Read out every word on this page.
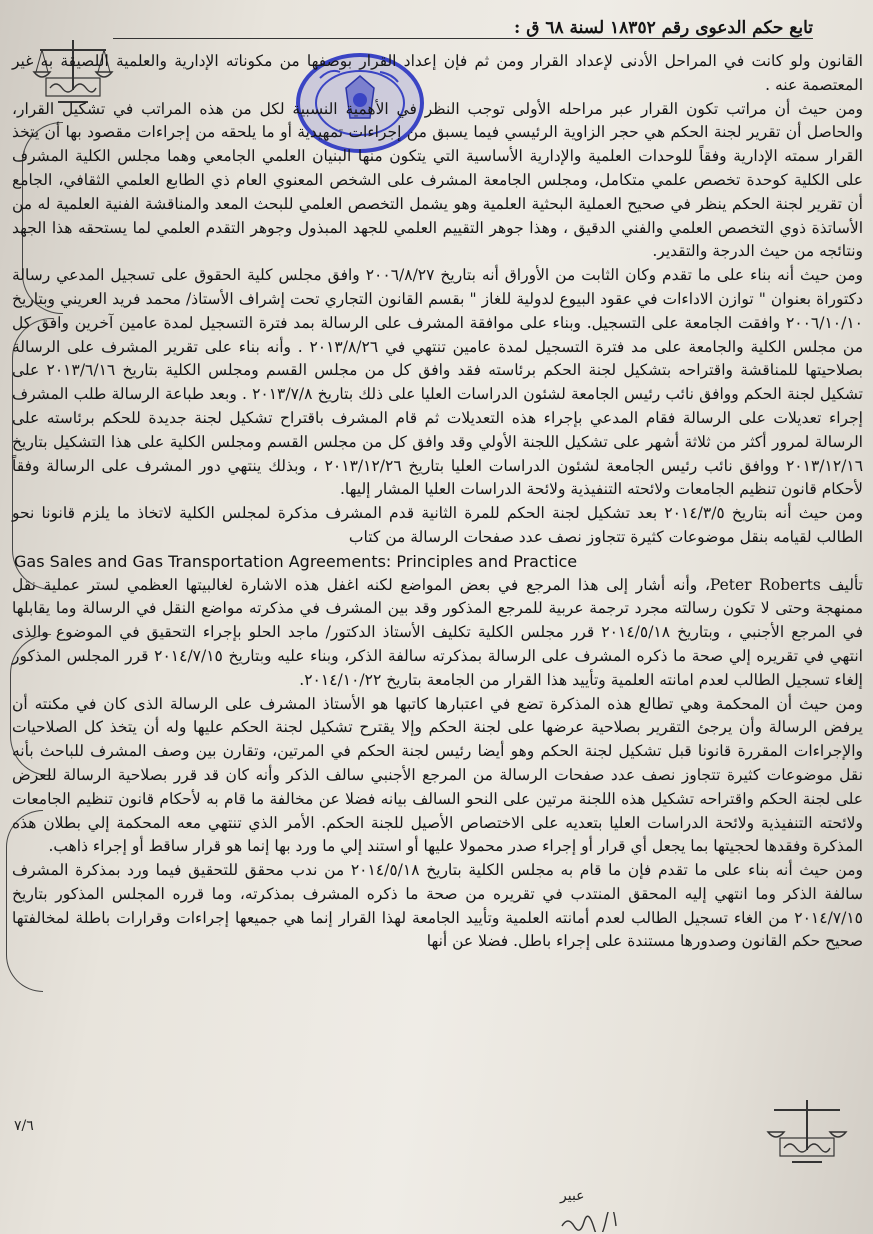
تابع حكم الدعوى رقم ١٨٣٥٢ لسنة ٦٨ ق :

القانون ولو كانت في المراحل الأدنى لإعداد القرار ومن ثم فإن إعداد القرار بوصفها من مكوناته الإدارية والعلمية اللصيقة به غير المعتصمة عنه .

ومن حيث أن مراتب تكون القرار عبر مراحله الأولى توجب النظر في الأهمية النسبية لكل من هذه المراتب في تشكيل القرار، والحاصل أن تقرير لجنة الحكم هي حجر الزاوية الرئيسي فيما يسبق من إجراءات تمهيدية أو ما يلحقه من إجراءات مقصود بها أن يتخذ القرار سمته الإدارية وفقاً للوحدات العلمية والإدارية الأساسية التي يتكون منها البنيان العلمي الجامعي وهما مجلس الكلية المشرف على الكلية كوحدة تخصص علمي متكامل، ومجلس الجامعة المشرف على الشخص المعنوي العام ذي الطابع العلمي الثقافي، الجامع أن تقرير لجنة الحكم ينظر في صحيح العملية البحثية العلمية وهو يشمل التخصص العلمي للبحث المعد والمناقشة الفنية العلمية له من الأساتذة ذوي التخصص العلمي والفني الدقيق ، وهذا جوهر التقييم العلمي للجهد المبذول وجوهر التقدم العلمي لما يستحقه هذا الجهد ونتائجه من حيث الدرجة والتقدير.

ومن حيث أنه بناء على ما تقدم وكان الثابت من الأوراق أنه بتاريخ ٢٠٠٦/٨/٢٧ وافق مجلس كلية الحقوق على تسجيل المدعي رسالة دكتوراة بعنوان " توازن الاداءات في عقود البيوع لدولية للغاز " بقسم القانون التجاري تحت إشراف الأستاذ/ محمد فريد العريني وبتاريخ ٢٠٠٦/١٠/١٠ وافقت الجامعة على التسجيل. وبناء على موافقة المشرف على الرسالة بمد فترة التسجيل لمدة عامين آخرين وافق كل من مجلس الكلية والجامعة على مد فترة التسجيل لمدة عامين تنتهي في ٢٠١٣/٨/٢٦ . وأنه بناء على تقرير المشرف على الرسالة بصلاحيتها للمناقشة واقتراحه بتشكيل لجنة الحكم برئاسته فقد وافق كل من مجلس القسم ومجلس الكلية بتاريخ ٢٠١٣/٦/١٦ على تشكيل لجنة الحكم ووافق نائب رئيس الجامعة لشئون الدراسات العليا على ذلك بتاريخ ٢٠١٣/٧/٨ . وبعد طباعة الرسالة طلب المشرف إجراء تعديلات على الرسالة فقام المدعي بإجراء هذه التعديلات ثم قام المشرف باقتراح تشكيل لجنة جديدة للحكم برئاسته على الرسالة لمرور أكثر من ثلاثة أشهر على تشكيل اللجنة الأولي وقد وافق كل من مجلس القسم ومجلس الكلية على هذا التشكيل بتاريخ ٢٠١٣/١٢/١٦ ووافق نائب رئيس الجامعة لشئون الدراسات العليا بتاريخ ٢٠١٣/١٢/٢٦ ، وبذلك ينتهي دور المشرف على الرسالة وفقاً لأحكام قانون تنظيم الجامعات ولائحته التنفيذية ولائحة الدراسات العليا المشار إليها.

ومن حيث أنه بتاريخ ٢٠١٤/٣/٥ بعد تشكيل لجنة الحكم للمرة الثانية قدم المشرف مذكرة لمجلس الكلية لاتخاذ ما يلزم قانونا نحو الطالب لقيامه بنقل موضوعات كثيرة تتجاوز نصف عدد صفحات الرسالة من كتاب

Gas Sales and Gas Transportation Agreements: Principles and Practice

تأليف Peter Roberts، وأنه أشار إلى هذا المرجع في بعض المواضع لكنه اغفل هذه الاشارة لغالبيتها العظمي لستر عملية نقل ممنهجة وحتى لا تكون رسالته مجرد ترجمة عربية للمرجع المذكور وقد بين المشرف في مذكرته مواضع النقل في الرسالة وما يقابلها في المرجع الأجنبي ، وبتاريخ ٢٠١٤/٥/١٨ قرر مجلس الكلية تكليف الأستاذ الدكتور/ ماجد الحلو بإجراء التحقيق في الموضوع والذى انتهي في تقريره إلي صحة ما ذكره المشرف على الرسالة بمذكرته سالفة الذكر، وبناء عليه وبتاريخ ٢٠١٤/٧/١٥ قرر المجلس المذكور إلغاء تسجيل الطالب لعدم امانته العلمية وتأييد هذا القرار من الجامعة بتاريخ ٢٠١٤/١٠/٢٢.

ومن حيث أن المحكمة وهي تطالع هذه المذكرة تضع في اعتبارها كاتبها هو الأستاذ المشرف على الرسالة الذى كان في مكنته أن يرفض الرسالة وأن يرجئ التقرير بصلاحية عرضها على لجنة الحكم وإلا يقترح تشكيل لجنة الحكم عليها وله أن يتخذ كل الصلاحيات والإجراءات المقررة قانونا قبل تشكيل لجنة الحكم وهو أيضا رئيس لجنة الحكم في المرتين، وتقارن بين وصف المشرف للباحث بأنه نقل موضوعات كثيرة تتجاوز نصف عدد صفحات الرسالة من المرجع الأجنبي سالف الذكر وأنه كان قد قرر بصلاحية الرسالة للعرض على لجنة الحكم واقتراحه تشكيل هذه اللجنة مرتين على النحو السالف بيانه فضلا عن مخالفة ما قام به لأحكام قانون تنظيم الجامعات ولائحته التنفيذية ولائحة الدراسات العليا بتعديه على الاختصاص الأصيل للجنة الحكم. الأمر الذي تنتهي معه المحكمة إلي بطلان هذه المذكرة وفقدها لحجيتها بما يجعل أي قرار أو إجراء صدر محمولا عليها أو استند إلي ما ورد بها إنما هو قرار ساقط أو إجراء ذاهب.

ومن حيث أنه بناء على ما تقدم فإن ما قام به مجلس الكلية بتاريخ ٢٠١٤/٥/١٨ من ندب محقق للتحقيق فيما ورد بمذكرة المشرف سالفة الذكر وما انتهي إليه المحقق المنتدب في تقريره من صحة ما ذكره المشرف بمذكرته، وما قرره المجلس المذكور بتاريخ ٢٠١٤/٧/١٥ من الغاء تسجيل الطالب لعدم أمانته العلمية وتأييد الجامعة لهذا القرار إنما هي جميعها إجراءات وقرارات باطلة لمخالفتها صحيح حكم القانون وصدورها مستندة على إجراء باطل. فضلا عن أنها

٧/٦
عبير
